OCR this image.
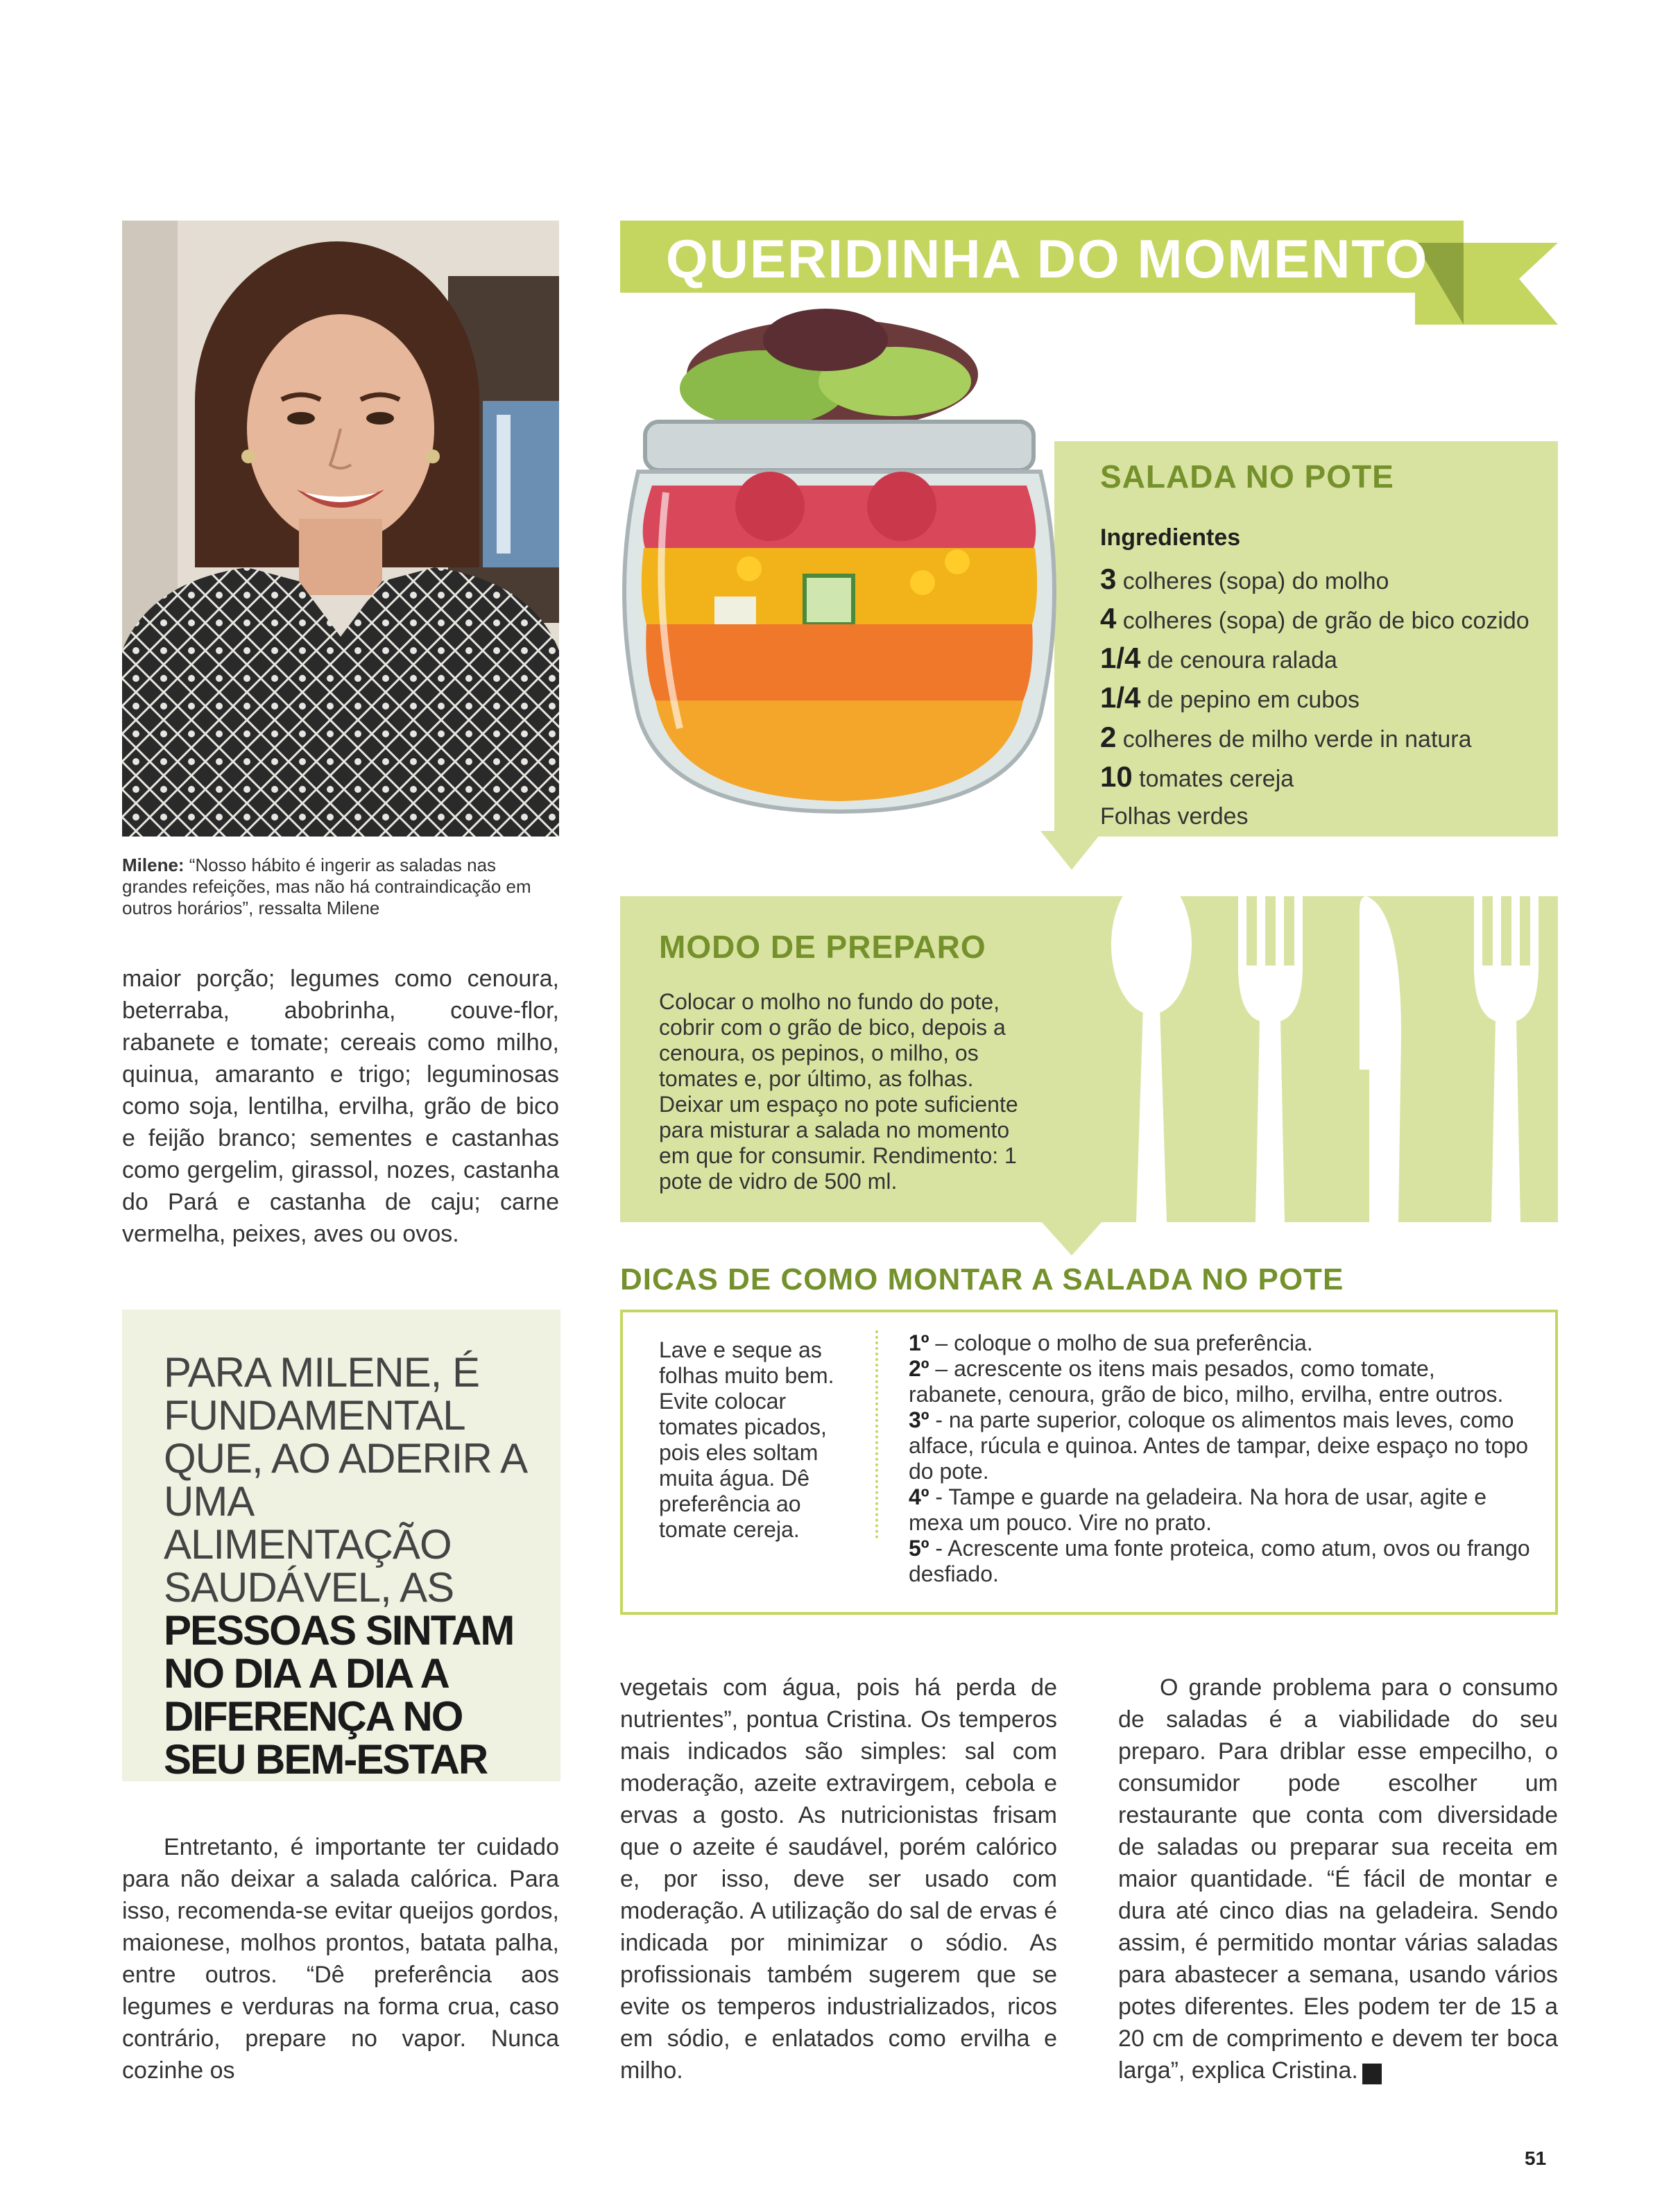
Milene: “Nosso hábito é ingerir as saladas nas grandes refeições, mas não há contraindicação em outros horários”, ressalta Milene

maior porção; legumes como cenoura, beterraba, abobrinha, couve-flor, rabanete e tomate; cereais como milho, quinua, amaranto e trigo; leguminosas como soja, lentilha, ervilha, grão de bico e feijão branco; sementes e castanhas como gergelim, girassol, nozes, castanha do Pará e castanha de caju; carne vermelha, peixes, aves ou ovos.

PARA MILENE, É FUNDAMENTAL QUE, AO ADERIR A UMA ALIMENTAÇÃO SAUDÁVEL, AS
PESSOAS SINTAM NO DIA A DIA A DIFERENÇA NO SEU BEM-ESTAR

Entretanto, é importante ter cuidado para não deixar a salada calórica. Para isso, recomenda-se evitar queijos gordos, maionese, molhos prontos, batata palha, entre outros. “Dê preferência aos legumes e verduras na forma crua, caso contrário, prepare no vapor. Nunca cozinhe os

QUERIDINHA DO MOMENTO
SALADA NO POTE
Ingredientes
3 colheres (sopa) do molho
4 colheres (sopa) de grão de bico cozido
1/4 de cenoura ralada
1/4 de pepino em cubos
2 colheres de milho verde in natura
10 tomates cereja
Folhas verdes
MODO DE PREPARO
Colocar o molho no fundo do pote, cobrir com o grão de bico, depois a cenoura, os pepinos, o milho, os tomates e, por último, as folhas. Deixar um espaço no pote suficiente para misturar a salada no momento em que for consumir. Rendimento: 1 pote de vidro de 500 ml.
DICAS DE COMO MONTAR A SALADA NO POTE
Lave e seque as folhas muito bem. Evite colocar tomates picados, pois eles soltam muita água. Dê preferência ao tomate cereja.
1º – coloque o molho de sua preferência.
2º – acrescente os itens mais pesados, como tomate, rabanete, cenoura, grão de bico, milho, ervilha, entre outros.
3º - na parte superior, coloque os alimentos mais leves, como alface, rúcula e quinoa. Antes de tampar, deixe espaço no topo do pote.
4º - Tampe e guarde na geladeira. Na hora de usar, agite e mexa um pouco. Vire no prato.
5º - Acrescente uma fonte proteica, como atum, ovos ou frango desfiado.

vegetais com água, pois há perda de nutrientes”, pontua Cristina. Os temperos mais indicados são simples: sal com moderação, azeite extravirgem, cebola e ervas a gosto. As nutricionistas frisam que o azeite é saudável, porém calórico e, por isso, deve ser usado com moderação. A utilização do sal de ervas é indicada por minimizar o sódio. As profissionais também sugerem que se evite os temperos industrializados, ricos em sódio, e enlatados como ervilha e milho.

O grande problema para o consumo de saladas é a viabilidade do seu preparo. Para driblar esse empecilho, o consumidor pode escolher um restaurante que conta com diversidade de saladas ou preparar sua receita em maior quantidade. “É fácil de montar e dura até cinco dias na geladeira. Sendo assim, é permitido montar várias saladas para abastecer a semana, usando vários potes diferentes. Eles podem ter de 15 a 20 cm de comprimento e devem ter boca larga”, explica Cristina.	r

51
